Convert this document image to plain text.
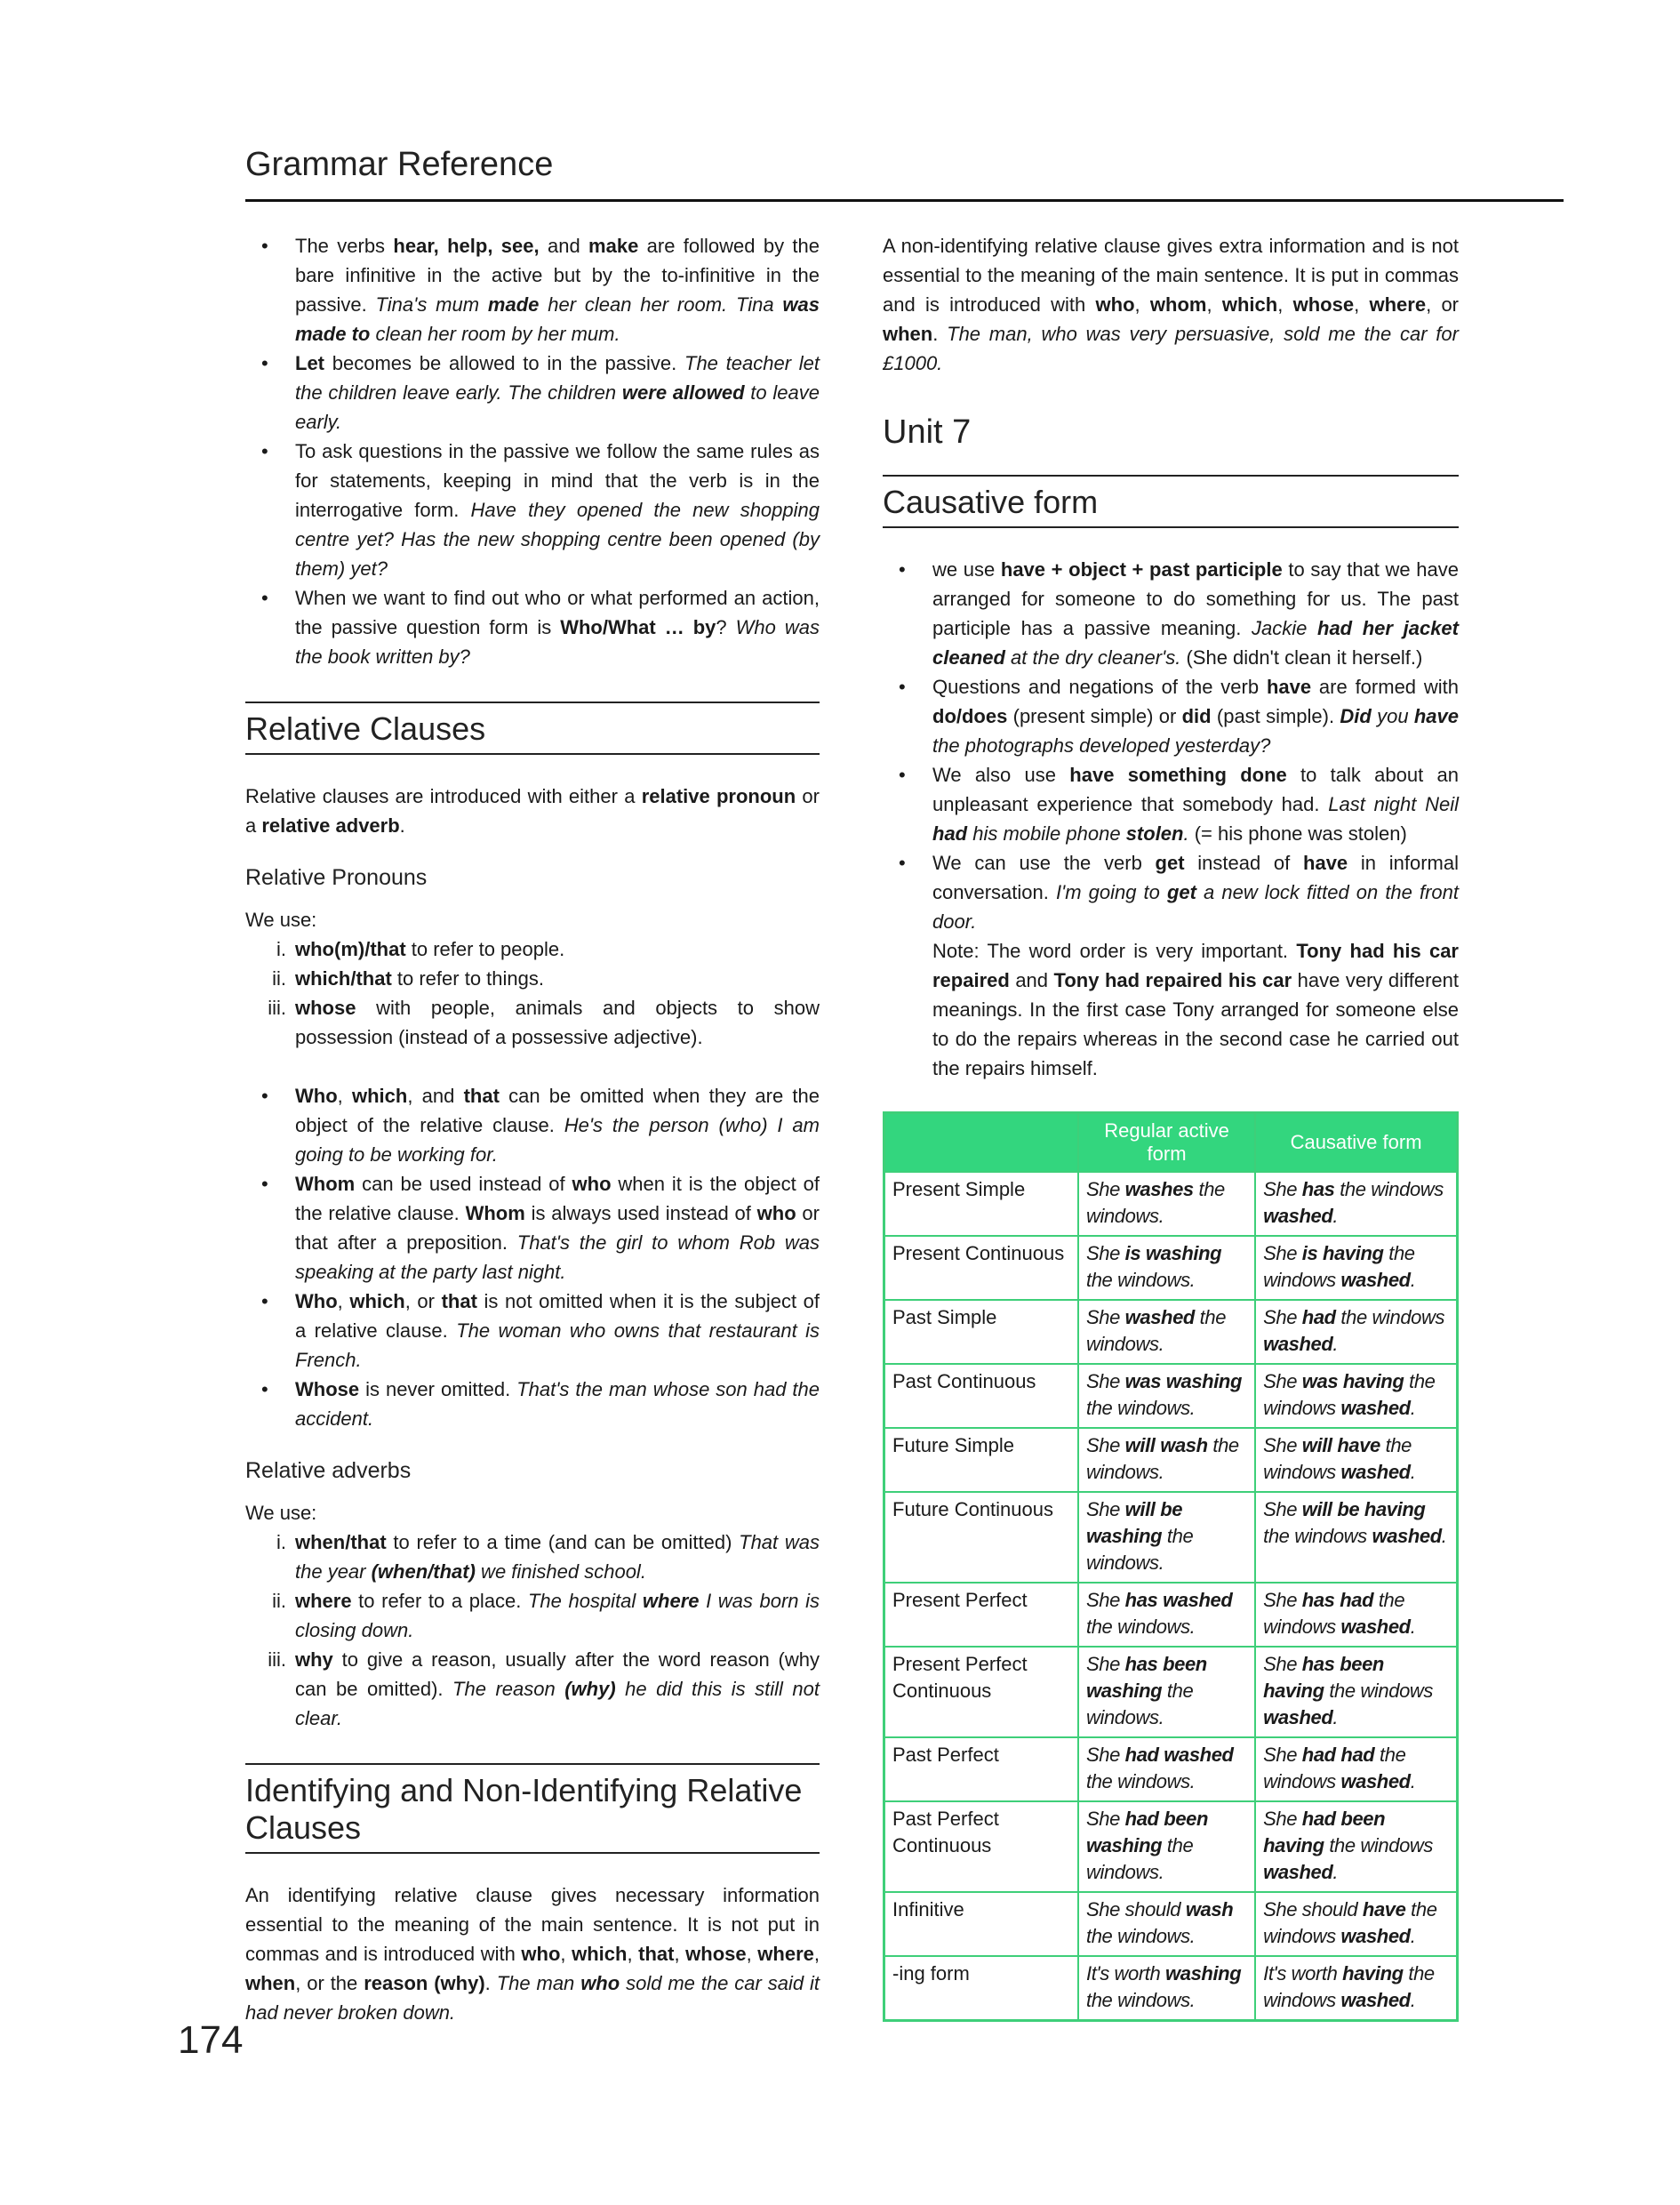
Grammar Reference
• The verbs hear, help, see, and make are followed by the bare infinitive in the active but by the to-infinitive in the passive. Tina's mum made her clean her room. Tina was made to clean her room by her mum.
• Let becomes be allowed to in the passive. The teacher let the children leave early. The children were allowed to leave early.
• To ask questions in the passive we follow the same rules as for statements, keeping in mind that the verb is in the interrogative form. Have they opened the new shopping centre yet? Has the new shopping centre been opened (by them) yet?
• When we want to find out who or what performed an action, the passive question form is Who/What … by? Who was the book written by?
Relative Clauses

Relative clauses are introduced with either a relative pronoun or a relative adverb.

Relative Pronouns

We use:

i. who(m)/that to refer to people.
ii. which/that to refer to things.
iii. whose with people, animals and objects to show possession (instead of a possessive adjective).
• Who, which, and that can be omitted when they are the object of the relative clause. He's the person (who) I am going to be working for.
• Whom can be used instead of who when it is the object of the relative clause. Whom is always used instead of who or that after a preposition. That's the girl to whom Rob was speaking at the party last night.
• Who, which, or that is not omitted when it is the subject of a relative clause. The woman who owns that restaurant is French.
• Whose is never omitted. That's the man whose son had the accident.
Relative adverbs

We use:

i. when/that to refer to a time (and can be omitted) That was the year (when/that) we finished school.
ii. where to refer to a place. The hospital where I was born is closing down.
iii. why to give a reason, usually after the word reason (why can be omitted). The reason (why) he did this is still not clear.
Identifying and Non-Identifying Relative Clauses

An identifying relative clause gives necessary information essential to the meaning of the main sentence. It is not put in commas and is introduced with who, which, that, whose, where, when, or the reason (why). The man who sold me the car said it had never broken down.

A non-identifying relative clause gives extra information and is not essential to the meaning of the main sentence. It is put in commas and is introduced with who, whom, which, whose, where, or when. The man, who was very persuasive, sold me the car for £1000.

Unit 7
Causative form
• we use have + object + past participle to say that we have arranged for someone to do something for us. The past participle has a passive meaning. Jackie had her jacket cleaned at the dry cleaner's. (She didn't clean it herself.)
• Questions and negations of the verb have are formed with do/does (present simple) or did (past simple). Did you have the photographs developed yesterday?
• We also use have something done to talk about an unpleasant experience that somebody had. Last night Neil had his mobile phone stolen. (= his phone was stolen)
• We can use the verb get instead of have in informal conversation. I'm going to get a new lock fitted on the front door.

Note: The word order is very important. Tony had his car repaired and Tony had repaired his car have very different meanings. In the first case Tony arranged for someone else to do the repairs whereas in the second case he carried out the repairs himself.

	Regular active form	Causative form
Present Simple	She washes the windows.	She has the windows washed.
Present Continuous	She is washing the windows.	She is having the windows washed.
Past Simple	She washed the windows.	She had the windows washed.
Past Continuous	She was washing the windows.	She was having the windows washed.
Future Simple	She will wash the windows.	She will have the windows washed.
Future Continuous	She will be washing the windows.	She will be having the windows washed.
Present Perfect	She has washed the windows.	She has had the windows washed.
Present Perfect Continuous	She has been washing the windows.	She has been having the windows washed.
Past Perfect	She had washed the windows.	She had had the windows washed.
Past Perfect Continuous	She had been washing the windows.	She had been having the windows washed.
Infinitive	She should wash the windows.	She should have the windows washed.
-ing form	It's worth washing the windows.	It's worth having the windows washed.
174
